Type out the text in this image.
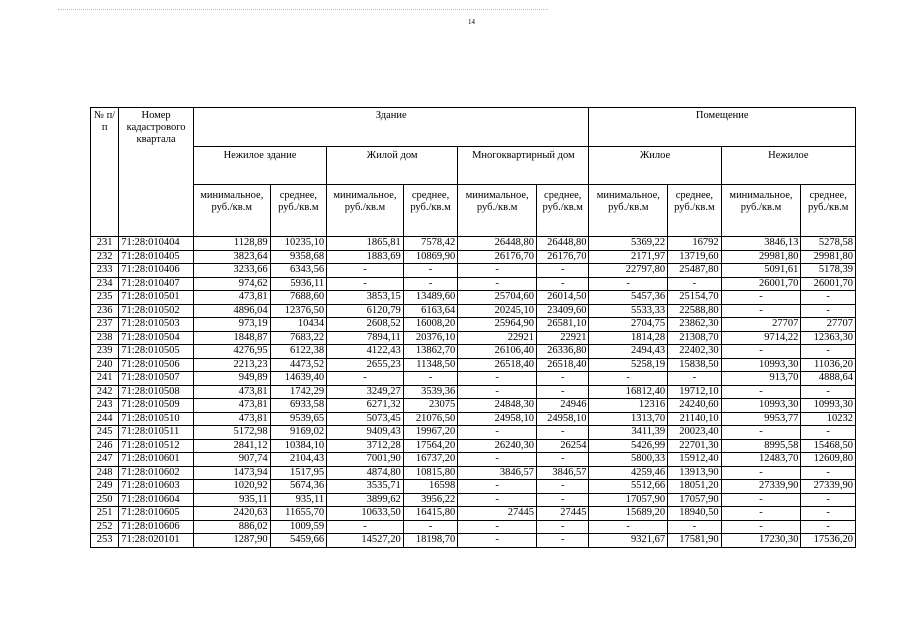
14
№ п/п	Номер кадастрового квартала	Здание						Помещение			
		Нежилое здание		Жилой дом		Многоквартирный дом		Жилое		Нежилое	
		минимальное, руб./кв.м	среднее, руб./кв.м	минимальное, руб./кв.м	среднее, руб./кв.м	минимальное, руб./кв.м	среднее, руб./кв.м	минимальное, руб./кв.м	среднее, руб./кв.м	минимальное, руб./кв.м	среднее, руб./кв.м
231	71:28:010404	1128,89	10235,10	1865,81	7578,42	26448,80	26448,80	5369,22	16792	3846,13	5278,58
232	71:28:010405	3823,64	9358,68	1883,69	10869,90	26176,70	26176,70	2171,97	13719,60	29981,80	29981,80
233	71:28:010406	3233,66	6343,56	-	-	-	-	22797,80	25487,80	5091,61	5178,39
234	71:28:010407	974,62	5936,11	-	-	-	-	-	-	26001,70	26001,70
235	71:28:010501	473,81	7688,60	3853,15	13489,60	25704,60	26014,50	5457,36	25154,70	-	-
236	71:28:010502	4896,04	12376,50	6120,79	6163,64	20245,10	23409,60	5533,33	22588,80	-	-
237	71:28:010503	973,19	10434	2608,52	16008,20	25964,90	26581,10	2704,75	23862,30	27707	27707
238	71:28:010504	1848,87	7683,22	7894,11	20376,10	22921	22921	1814,28	21308,70	9714,22	12363,30
239	71:28:010505	4276,95	6122,38	4122,43	13862,70	26106,40	26336,80	2494,43	22402,30	-	-
240	71:28:010506	2213,23	4473,52	2655,23	11348,50	26518,40	26518,40	5258,19	15838,50	10993,30	11036,20
241	71:28:010507	949,89	14639,40	-	-	-	-	-	-	913,70	4888,64
242	71:28:010508	473,81	1742,29	3249,27	3539,36	-	-	16812,40	19712,10	-	-
243	71:28:010509	473,81	6933,58	6271,32	23075	24848,30	24946	12316	24240,60	10993,30	10993,30
244	71:28:010510	473,81	9539,65	5073,45	21076,50	24958,10	24958,10	1313,70	21140,10	9953,77	10232
245	71:28:010511	5172,98	9169,02	9409,43	19967,20	-	-	3411,39	20023,40	-	-
246	71:28:010512	2841,12	10384,10	3712,28	17564,20	26240,30	26254	5426,99	22701,30	8995,58	15468,50
247	71:28:010601	907,74	2104,43	7001,90	16737,20	-	-	5800,33	15912,40	12483,70	12609,80
248	71:28:010602	1473,94	1517,95	4874,80	10815,80	3846,57	3846,57	4259,46	13913,90	-	-
249	71:28:010603	1020,92	5674,36	3535,71	16598	-	-	5512,66	18051,20	27339,90	27339,90
250	71:28:010604	935,11	935,11	3899,62	3956,22	-	-	17057,90	17057,90	-	-
251	71:28:010605	2420,63	11655,70	10633,50	16415,80	27445	27445	15689,20	18940,50	-	-
252	71:28:010606	886,02	1009,59	-	-	-	-	-	-	-	-
253	71:28:020101	1287,90	5459,66	14527,20	18198,70	-	-	9321,67	17581,90	17230,30	17536,20
